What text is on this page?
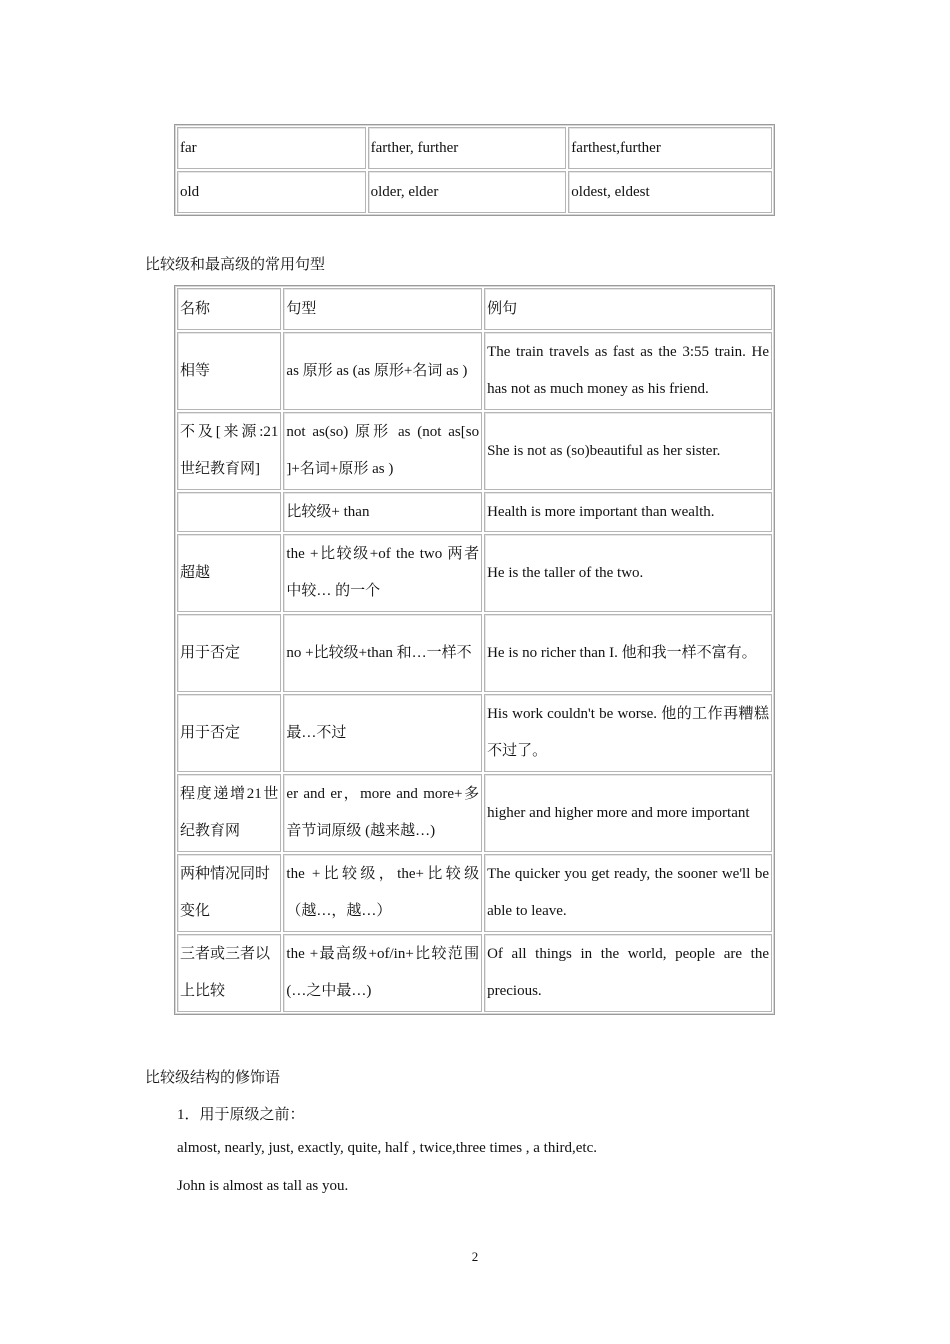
far	farther, further	farthest,further
old	older, elder	oldest, eldest
比较级和最高级的常用句型
名称	句型	例句
相等	as 原形 as (as 原形+名词 as )	The train travels as fast as the 3:55 train. He has not as much money as his friend.
不及[来源:21世纪教育网]	not as(so) 原形 as (not as[so ]+名词+原形 as )	She is not as (so)beautiful as her sister.
	比较级+ than	Health is more important than wealth.
超越	the +比较级+of the two 两者中较… 的一个	He is the taller of the two.
用于否定	no +比较级+than 和…一样不	He is no richer than I. 他和我一样不富有。
用于否定	最…不过	His work couldn't be worse. 他的工作再糟糕不过了。
程度递增21世纪教育网	er and er，more and more+多音节词原级 (越来越…)	higher and higher more and more important
两种情况同时变化	the +比较级，the+比较级（越…，越…）	The quicker you get ready, the sooner we'll be able to leave.
三者或三者以上比较	the +最高级+of/in+比较范围 (…之中最…)	Of all things in the world, people are the precious.
比较级结构的修饰语
1．用于原级之前：
almost, nearly, just, exactly, quite, half , twice,three times , a third,etc.
John is almost as tall as you.
2
